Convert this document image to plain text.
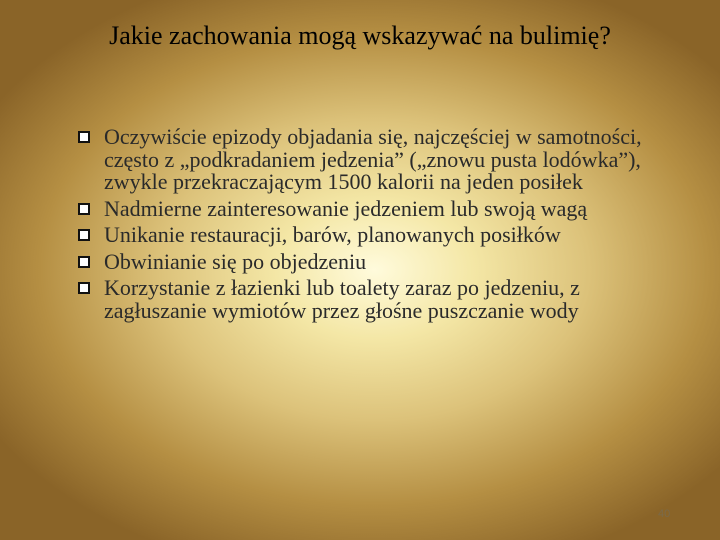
Jakie zachowania mogą wskazywać na bulimię?
Oczywiście epizody objadania się, najczęściej w samotności, często z „podkradaniem jedzenia” („znowu pusta lodówka”), zwykle przekraczającym 1500 kalorii na jeden posiłek
Nadmierne zainteresowanie jedzeniem lub swoją wagą
Unikanie restauracji, barów, planowanych posiłków
Obwinianie się po objedzeniu
Korzystanie z łazienki lub toalety zaraz po jedzeniu, z zagłuszanie wymiotów przez głośne puszczanie wody
40
